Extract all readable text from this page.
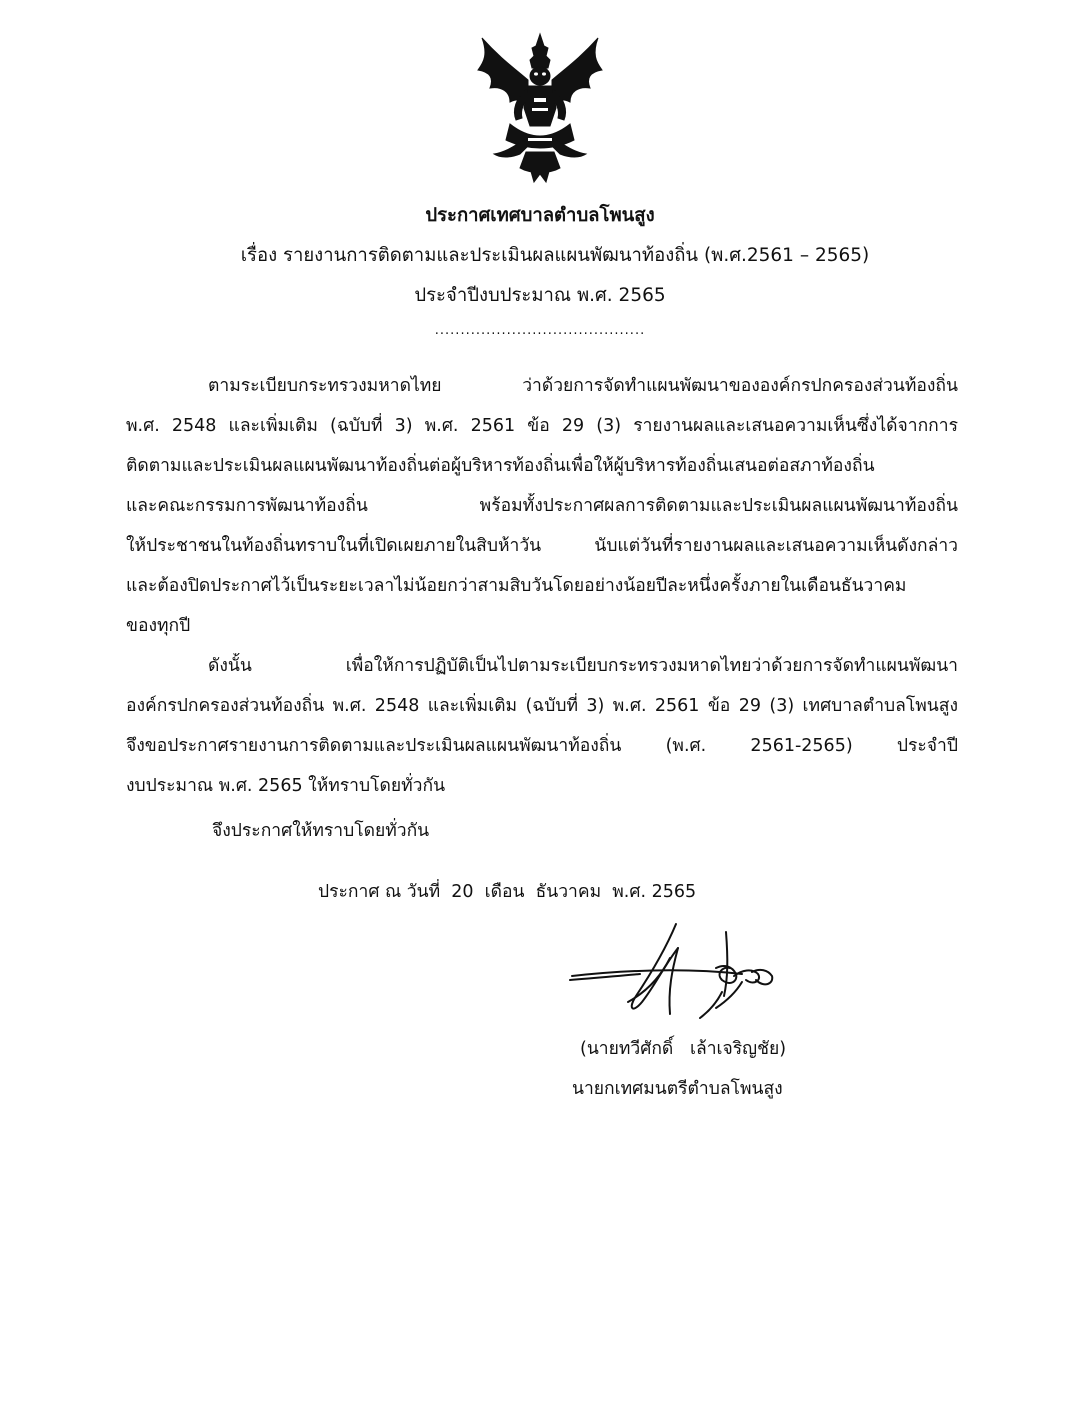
ประกาศเทศบาลตำบลโพนสูง
เรื่อง รายงานการติดตามและประเมินผลแผนพัฒนาท้องถิ่น (พ.ศ.2561 – 2565)
ประจำปีงบประมาณ พ.ศ. 2565
.........................................
ตามระเบียบกระทรวงมหาดไทย ว่าด้วยการจัดทำแผนพัฒนาขององค์กรปกครองส่วนท้องถิ่น
พ.ศ. 2548 และเพิ่มเติม (ฉบับที่ 3) พ.ศ. 2561 ข้อ 29 (3) รายงานผลและเสนอความเห็นซึ่งได้จากการ
ติดตามและประเมินผลแผนพัฒนาท้องถิ่นต่อผู้บริหารท้องถิ่นเพื่อให้ผู้บริหารท้องถิ่นเสนอต่อสภาท้องถิ่น
และคณะกรรมการพัฒนาท้องถิ่น พร้อมทั้งประกาศผลการติดตามและประเมินผลแผนพัฒนาท้องถิ่น
ให้ประชาชนในท้องถิ่นทราบในที่เปิดเผยภายในสิบห้าวัน นับแต่วันที่รายงานผลและเสนอความเห็นดังกล่าว
และต้องปิดประกาศไว้เป็นระยะเวลาไม่น้อยกว่าสามสิบวันโดยอย่างน้อยปีละหนึ่งครั้งภายในเดือนธันวาคม
ของทุกปี
ดังนั้น เพื่อให้การปฏิบัติเป็นไปตามระเบียบกระทรวงมหาดไทยว่าด้วยการจัดทำแผนพัฒนา
องค์กรปกครองส่วนท้องถิ่น พ.ศ. 2548 และเพิ่มเติม (ฉบับที่ 3) พ.ศ. 2561 ข้อ 29 (3) เทศบาลตำบลโพนสูง
จึงขอประกาศรายงานการติดตามและประเมินผลแผนพัฒนาท้องถิ่น (พ.ศ. 2561-2565) ประจำปี
งบประมาณ พ.ศ. 2565 ให้ทราบโดยทั่วกัน
จึงประกาศให้ทราบโดยทั่วกัน
ประกาศ ณ วันที่  20  เดือน  ธันวาคม  พ.ศ. 2565
(นายทวีศักดิ์   เล้าเจริญชัย)
นายกเทศมนตรีตำบลโพนสูง
